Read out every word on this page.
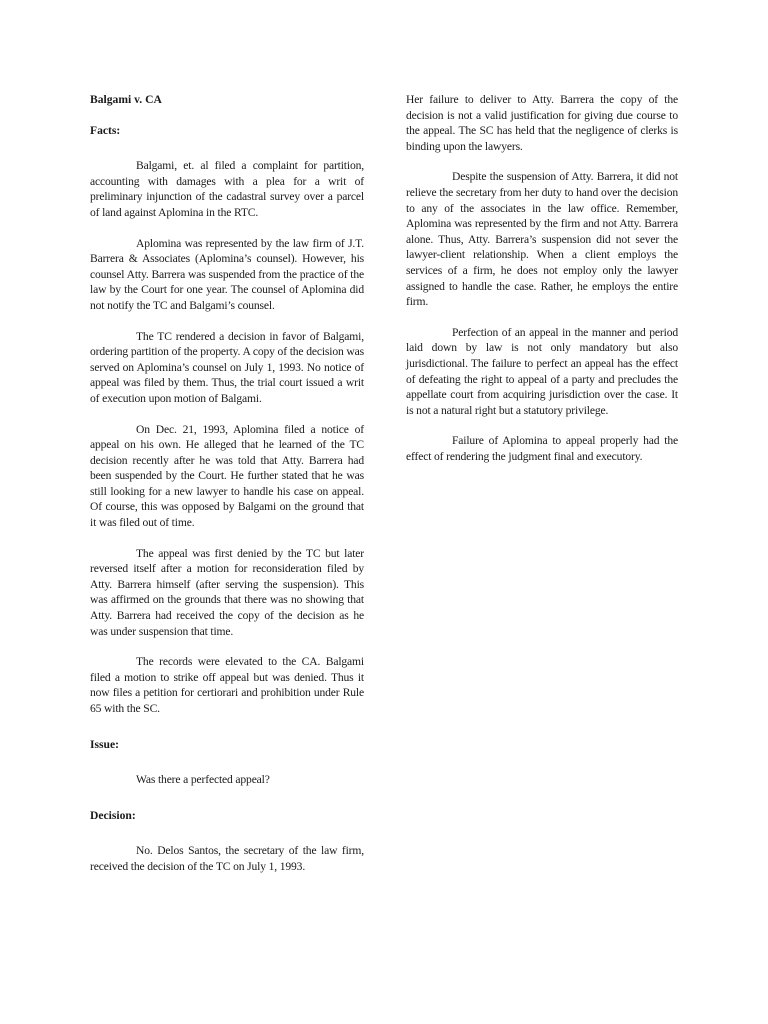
Balgami v. CA

Facts:

Balgami, et. al filed a complaint for partition, accounting with damages with a plea for a writ of preliminary injunction of the cadastral survey over a parcel of land against Aplomina in the RTC.

Aplomina was represented by the law firm of J.T. Barrera & Associates (Aplomina’s counsel). However, his counsel Atty. Barrera was suspended from the practice of the law by the Court for one year. The counsel of Aplomina did not notify the TC and Balgami’s counsel.

The TC rendered a decision in favor of Balgami, ordering partition of the property. A copy of the decision was served on Aplomina’s counsel on July 1, 1993. No notice of appeal was filed by them. Thus, the trial court issued a writ of execution upon motion of Balgami.

On Dec. 21, 1993, Aplomina filed a notice of appeal on his own. He alleged that he learned of the TC decision recently after he was told that Atty. Barrera had been suspended by the Court. He further stated that he was still looking for a new lawyer to handle his case on appeal. Of course, this was opposed by Balgami on the ground that it was filed out of time.

The appeal was first denied by the TC but later reversed itself after a motion for reconsideration filed by Atty. Barrera himself (after serving the suspension). This was affirmed on the grounds that there was no showing that Atty. Barrera had received the copy of the decision as he was under suspension that time.

The records were elevated to the CA. Balgami filed a motion to strike off appeal but was denied. Thus it now files a petition for certiorari and prohibition under Rule 65 with the SC.

Issue:

Was there a perfected appeal?

Decision:

No. Delos Santos, the secretary of the law firm, received the decision of the TC on July 1, 1993.

Her failure to deliver to Atty. Barrera the copy of the decision is not a valid justification for giving due course to the appeal. The SC has held that the negligence of clerks is binding upon the lawyers.

Despite the suspension of Atty. Barrera, it did not relieve the secretary from her duty to hand over the decision to any of the associates in the law office. Remember, Aplomina was represented by the firm and not Atty. Barrera alone. Thus, Atty. Barrera’s suspension did not sever the lawyer-client relationship. When a client employs the services of a firm, he does not employ only the lawyer assigned to handle the case. Rather, he employs the entire firm.

Perfection of an appeal in the manner and period laid down by law is not only mandatory but also jurisdictional. The failure to perfect an appeal has the effect of defeating the right to appeal of a party and precludes the appellate court from acquiring jurisdiction over the case. It is not a natural right but a statutory privilege.

Failure of Aplomina to appeal properly had the effect of rendering the judgment final and executory.
